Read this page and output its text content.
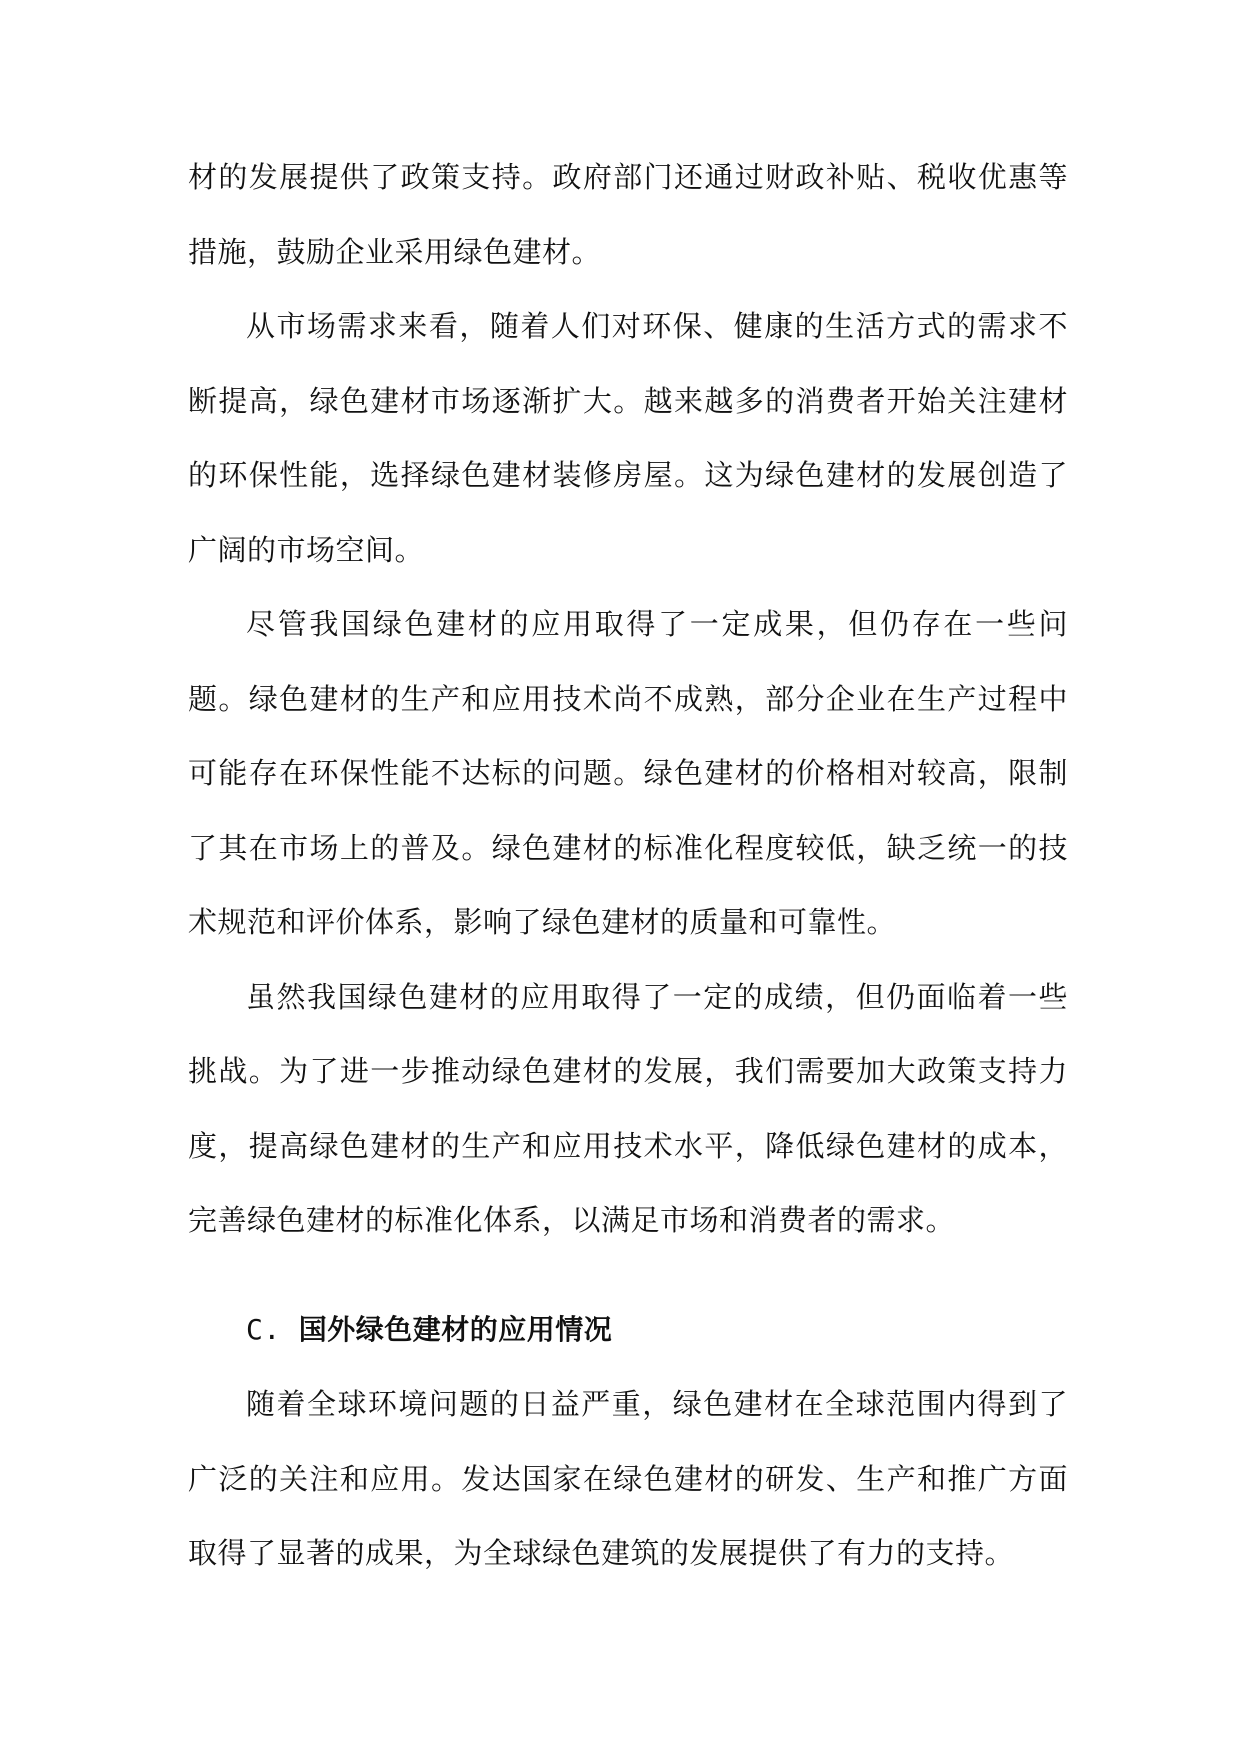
材的发展提供了政策支持。政府部门还通过财政补贴、税收优惠等措施，鼓励企业采用绿色建材。

从市场需求来看，随着人们对环保、健康的生活方式的需求不断提高，绿色建材市场逐渐扩大。越来越多的消费者开始关注建材的环保性能，选择绿色建材装修房屋。这为绿色建材的发展创造了广阔的市场空间。

尽管我国绿色建材的应用取得了一定成果，但仍存在一些问题。绿色建材的生产和应用技术尚不成熟，部分企业在生产过程中可能存在环保性能不达标的问题。绿色建材的价格相对较高，限制了其在市场上的普及。绿色建材的标准化程度较低，缺乏统一的技术规范和评价体系，影响了绿色建材的质量和可靠性。

虽然我国绿色建材的应用取得了一定的成绩，但仍面临着一些挑战。为了进一步推动绿色建材的发展，我们需要加大政策支持力度，提高绿色建材的生产和应用技术水平，降低绿色建材的成本，完善绿色建材的标准化体系，以满足市场和消费者的需求。

C. 国外绿色建材的应用情况

随着全球环境问题的日益严重，绿色建材在全球范围内得到了广泛的关注和应用。发达国家在绿色建材的研发、生产和推广方面取得了显著的成果，为全球绿色建筑的发展提供了有力的支持。
